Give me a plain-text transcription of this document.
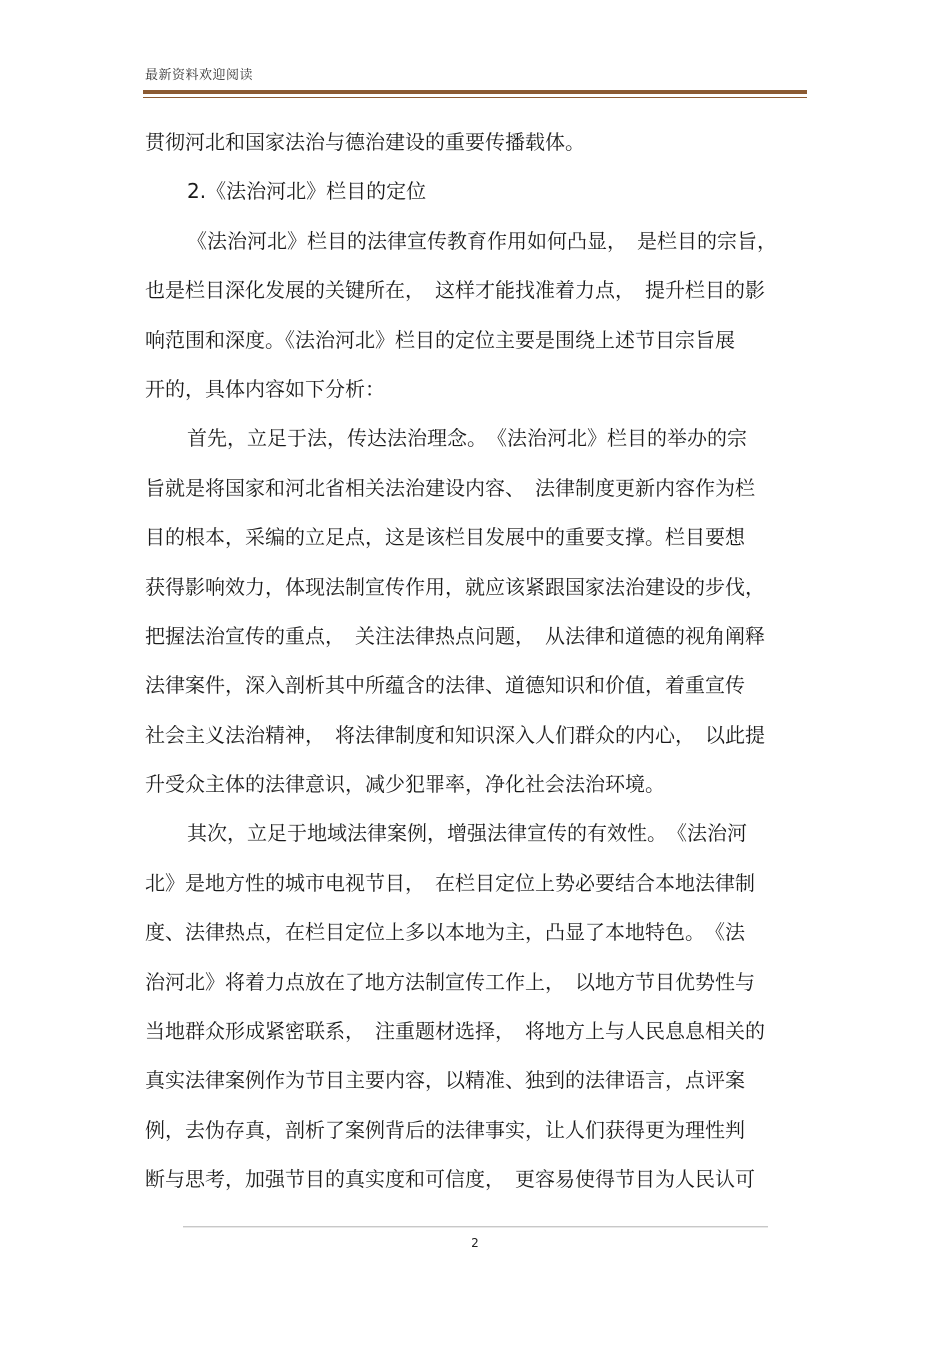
最新资料欢迎阅读
贯彻河北和国家法治与德治建设的重要传播载体。
2.《法治河北》栏目的定位
《法治河北》栏目的法律宣传教育作用如何凸显，　是栏目的宗旨，
也是栏目深化发展的关键所在，　这样才能找准着力点，　提升栏目的影
响范围和深度。《法治河北》栏目的定位主要是围绕上述节目宗旨展
开的，具体内容如下分析：
首先，立足于法，传达法治理念。　《法治河北》栏目的举办的宗
旨就是将国家和河北省相关法治建设内容、　法律制度更新内容作为栏
目的根本，采编的立足点，这是该栏目发展中的重要支撑。栏目要想
获得影响效力，体现法制宣传作用，就应该紧跟国家法治建设的步伐，
把握法治宣传的重点，　关注法律热点问题，　从法律和道德的视角阐释
法律案件，深入剖析其中所蕴含的法律、道德知识和价值，着重宣传
社会主义法治精神，　将法律制度和知识深入人们群众的内心，　以此提
升受众主体的法律意识，减少犯罪率，净化社会法治环境。
其次，立足于地域法律案例，增强法律宣传的有效性。　《法治河
北》是地方性的城市电视节目，　在栏目定位上势必要结合本地法律制
度、法律热点，在栏目定位上多以本地为主，凸显了本地特色。　《法
治河北》将着力点放在了地方法制宣传工作上，　以地方节目优势性与
当地群众形成紧密联系，　注重题材选择，　将地方上与人民息息相关的
真实法律案例作为节目主要内容，以精准、独到的法律语言，点评案
例，去伪存真，剖析了案例背后的法律事实，让人们获得更为理性判
断与思考，加强节目的真实度和可信度，　更容易使得节目为人民认可
2
